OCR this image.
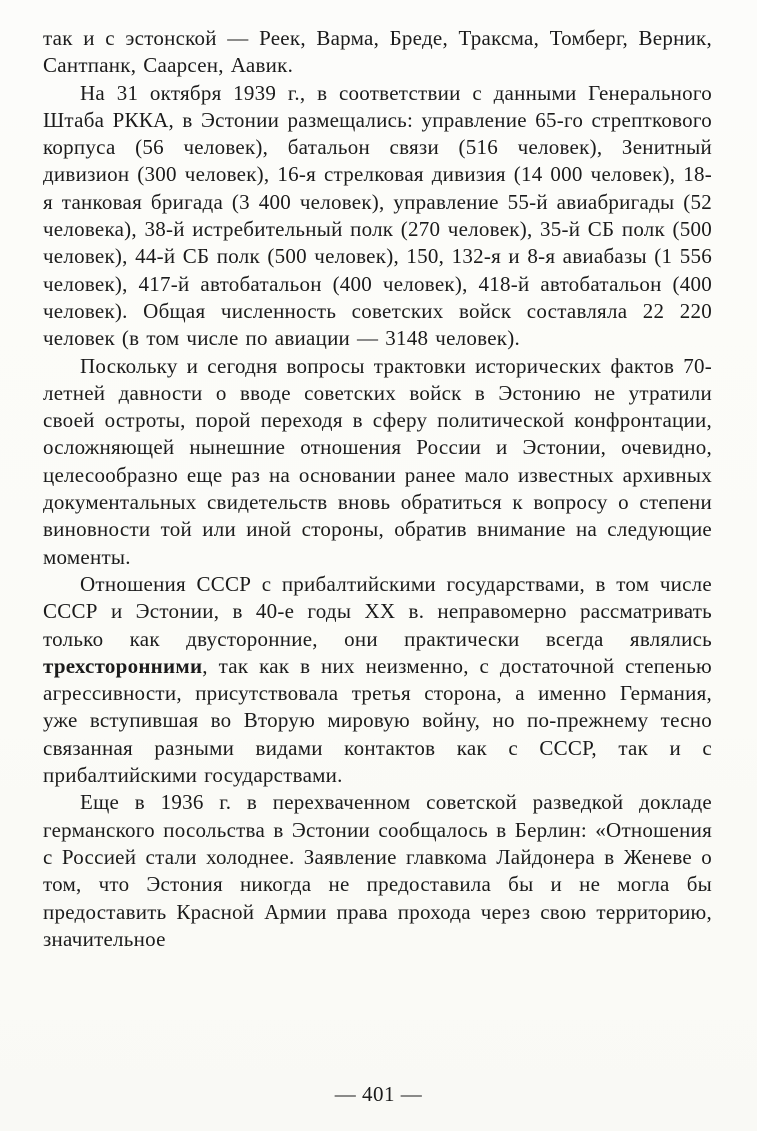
так и с эстонской — Реек, Варма, Бреде, Траксма, Томберг, Верник, Сантпанк, Саарсен, Аавик.

На 31 октября 1939 г., в соответствии с данными Генерального Штаба РККА, в Эстонии размещались: управление 65-го стрепткового корпуса (56 человек), батальон связи (516 человек), Зенитный дивизион (300 человек), 16-я стрелковая дивизия (14 000 человек), 18-я танковая бригада (3 400 человек), управление 55-й авиабригады (52 человека), 38-й истребительный полк (270 человек), 35-й СБ полк (500 человек), 44-й СБ полк (500 человек), 150, 132-я и 8-я авиабазы (1 556 человек), 417-й автобатальон (400 человек), 418-й автобатальон (400 человек). Общая численность советских войск составляла 22 220 человек (в том числе по авиации — 3148 человек).

Поскольку и сегодня вопросы трактовки исторических фактов 70-летней давности о вводе советских войск в Эстонию не утратили своей остроты, порой переходя в сферу политической конфронтации, осложняющей нынешние отношения России и Эстонии, очевидно, целесообразно еще раз на основании ранее мало известных архивных документальных свидетельств вновь обратиться к вопросу о степени виновности той или иной стороны, обратив внимание на следующие моменты.

Отношения СССР с прибалтийскими государствами, в том числе СССР и Эстонии, в 40-е годы XX в. неправомерно рассматривать только как двусторонние, они практически всегда являлись трехсторонними, так как в них неизменно, с достаточной степенью агрессивности, присутствовала третья сторона, а именно Германия, уже вступившая во Вторую мировую войну, но по-прежнему тесно связанная разными видами контактов как с СССР, так и с прибалтийскими государствами.

Еще в 1936 г. в перехваченном советской разведкой докладе германского посольства в Эстонии сообщалось в Берлин: «Отношения с Россией стали холоднее. Заявление главкома Лайдонера в Женеве о том, что Эстония никогда не предоставила бы и не могла бы предоставить Красной Армии права прохода через свою территорию, значительное

— 401 —
